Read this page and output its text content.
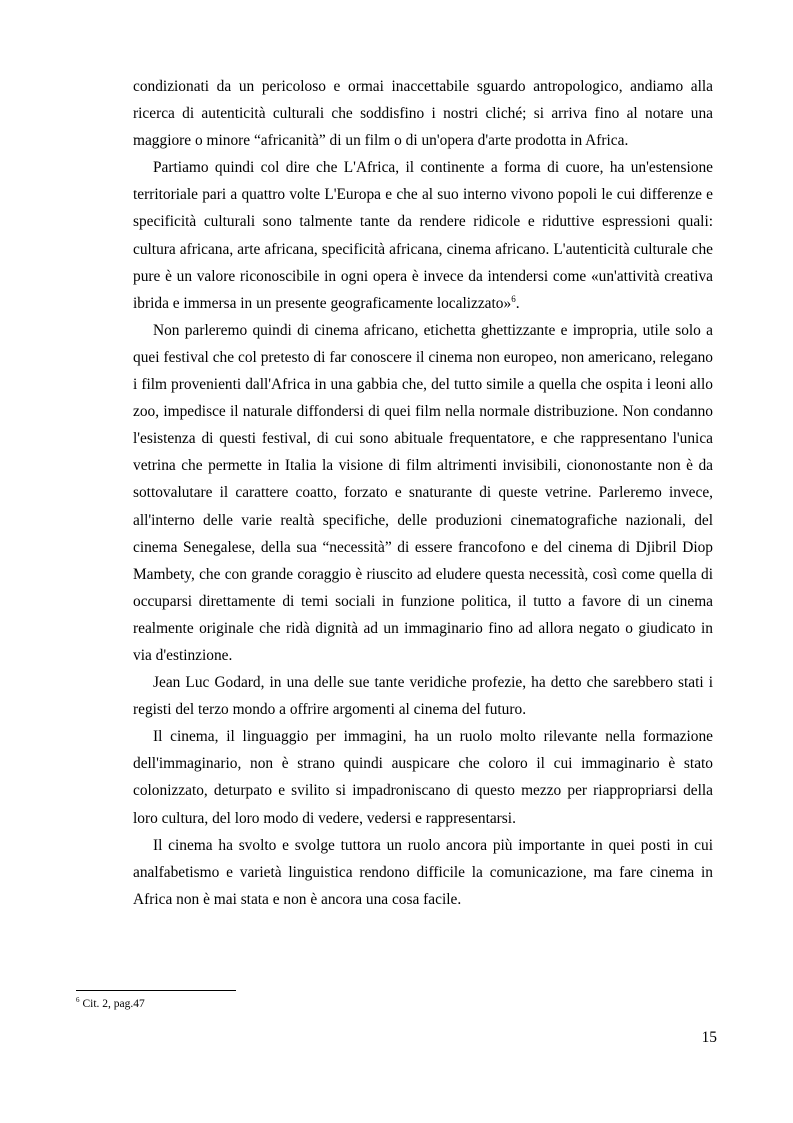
condizionati da un pericoloso e ormai inaccettabile sguardo antropologico, andiamo alla ricerca di autenticità culturali che soddisfino i nostri cliché; si arriva fino al notare una maggiore o minore “africanità” di un film o di un'opera d'arte prodotta in Africa.

Partiamo quindi col dire che L'Africa, il continente a forma di cuore, ha un'estensione territoriale pari a quattro volte L'Europa e che al suo interno vivono popoli le cui differenze e specificità culturali sono talmente tante da rendere ridicole e riduttive espressioni quali: cultura africana, arte africana, specificità africana, cinema africano. L'autenticità culturale che pure è un valore riconoscibile in ogni opera è invece da intendersi come «un'attività creativa ibrida e immersa in un presente geograficamente localizzato»$^6$.

Non parleremo quindi di cinema africano, etichetta ghettizzante e impropria, utile solo a quei festival che col pretesto di far conoscere il cinema non europeo, non americano, relegano i film provenienti dall'Africa in una gabbia che, del tutto simile a quella che ospita i leoni allo zoo, impedisce il naturale diffondersi di quei film nella normale distribuzione. Non condanno l'esistenza di questi festival, di cui sono abituale frequentatore, e che rappresentano l'unica vetrina che permette in Italia la visione di film altrimenti invisibili, ciononostante non è da sottovalutare il carattere coatto, forzato e snaturante di queste vetrine. Parleremo invece, all'interno delle varie realtà specifiche, delle produzioni cinematografiche nazionali, del cinema Senegalese, della sua “necessità” di essere francofono e del cinema di Djibril Diop Mambety, che con grande coraggio è riuscito ad eludere questa necessità, così come quella di occuparsi direttamente di temi sociali in funzione politica, il tutto a favore di un cinema realmente originale che ridà dignità ad un immaginario fino ad allora negato o giudicato in via d'estinzione.

Jean Luc Godard, in una delle sue tante veridiche profezie, ha detto che sarebbero stati i registi del terzo mondo a offrire argomenti al cinema del futuro.

Il cinema, il linguaggio per immagini, ha un ruolo molto rilevante nella formazione dell'immaginario, non è strano quindi auspicare che coloro il cui immaginario è stato colonizzato, deturpato e svilito si impadroniscano di questo mezzo per riappropriarsi della loro cultura, del loro modo di vedere, vedersi e rappresentarsi.

Il cinema ha svolto e svolge tuttora un ruolo ancora più importante in quei posti in cui analfabetismo e varietà linguistica rendono difficile la comunicazione, ma fare cinema in Africa non è mai stata e non è ancora una cosa facile.

$^6$ Cit. 2, pag.47
15
